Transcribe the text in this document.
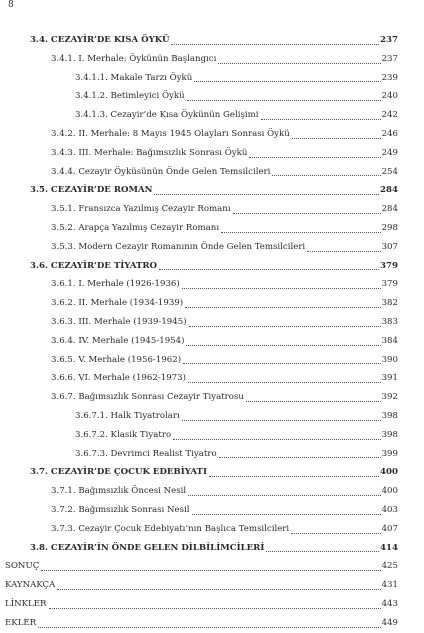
8
3.4. CEZAYİR’DE KISA ÖYKÜ	237
3.4.1. I. Merhale: Öykünün Başlangıcı	237
3.4.1.1. Makale Tarzı Öykü	239
3.4.1.2. Betimleyici Öykü	240
3.4.1.3. Cezayir’de Kısa Öykünün Gelişimi	242
3.4.2. II. Merhale: 8 Mayıs 1945 Olayları Sonrası Öykü	246
3.4.3. III. Merhale: Bağımsızlık Sonrası Öykü	249
3.4.4. Cezayir Öyküsünün Önde Gelen Temsilcileri	254
3.5. CEZAYİR’DE ROMAN	284
3.5.1. Fransızca Yazılmış Cezayir Romanı	284
3.5.2. Arapça Yazılmış Cezayir Romanı	298
3.5.3. Modern Cezayir Romanının Önde Gelen Temsilcileri	307
3.6. CEZAYİR’DE TİYATRO	379
3.6.1. I. Merhale (1926-1936)	379
3.6.2. II. Merhale (1934-1939)	382
3.6.3. III. Merhale (1939-1945)	383
3.6.4. IV. Merhale (1945-1954)	384
3.6.5. V. Merhale (1956-1962)	390
3.6.6. VI. Merhale (1962-1973)	391
3.6.7. Bağımsızlık Sonrası Cezayir Tiyatrosu	392
3.6.7.1. Halk Tiyatroları	398
3.6.7.2. Klasik Tiyatro	398
3.6.7.3. Devrimci Realist Tiyatro	399
3.7. CEZAYİR’DE ÇOCUK EDEBİYATI	400
3.7.1. Bağımsızlık Öncesi Nesil	400
3.7.2. Bağımsızlık Sonrası Nesil	403
3.7.3. Cezayir Çocuk Edebiyatı’nın Başlıca Temsilcileri	407
3.8. CEZAYİR’İN ÖNDE GELEN DİLBİLİMCİLERİ	414
SONUÇ	425
KAYNAKÇA	431
LİNKLER	443
EKLER	449
